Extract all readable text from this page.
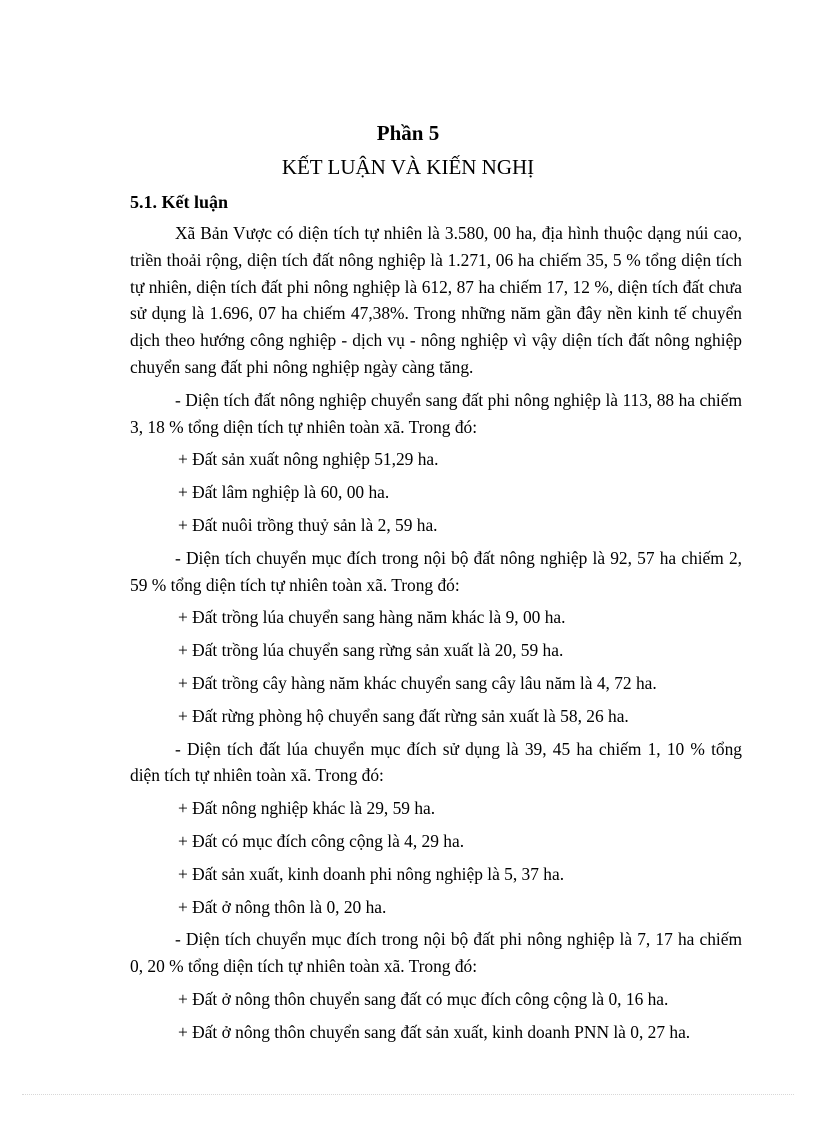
Phần 5
KẾT LUẬN VÀ KIẾN NGHỊ
5.1. Kết luận

Xã Bản Vược có diện tích tự nhiên là 3.580, 00 ha, địa hình thuộc dạng núi cao, triền thoải rộng, diện tích đất nông nghiệp là 1.271, 06 ha chiếm 35, 5 % tổng diện tích tự nhiên, diện tích đất phi nông nghiệp là 612, 87 ha chiếm 17, 12 %, diện tích đất chưa sử dụng là 1.696, 07 ha chiếm 47,38%. Trong những năm gần đây nền kinh tế chuyển dịch theo hướng công nghiệp - dịch vụ - nông nghiệp vì vậy diện tích đất nông nghiệp chuyển sang đất phi nông nghiệp ngày càng tăng.

- Diện tích đất nông nghiệp chuyển sang đất phi nông nghiệp là 113, 88 ha chiếm 3, 18 % tổng diện tích tự nhiên toàn xã. Trong đó:

+ Đất sản xuất nông nghiệp 51,29 ha.

+ Đất lâm nghiệp là 60, 00 ha.

+ Đất nuôi trồng thuỷ sản là 2, 59 ha.

- Diện tích chuyển mục đích trong nội bộ đất nông nghiệp là 92, 57 ha chiếm 2, 59 % tổng diện tích tự nhiên toàn xã. Trong đó:

+ Đất trồng lúa chuyển sang hàng năm khác là 9, 00 ha.

+ Đất trồng lúa chuyển sang rừng sản xuất là 20, 59 ha.

+ Đất trồng cây hàng năm khác chuyển sang cây lâu năm là 4, 72 ha.

+ Đất rừng phòng hộ chuyển sang đất rừng sản xuất là 58, 26 ha.

- Diện tích đất lúa chuyển mục đích sử dụng là 39, 45 ha chiếm 1, 10 % tổng diện tích tự nhiên toàn xã. Trong đó:

+ Đất nông nghiệp khác là 29, 59 ha.

+ Đất có mục đích công cộng là 4, 29 ha.

+ Đất sản xuất, kinh doanh phi nông nghiệp là 5, 37 ha.

+ Đất ở nông thôn là 0, 20 ha.

- Diện tích chuyển mục đích trong nội bộ đất phi nông nghiệp là 7, 17 ha chiếm 0, 20 % tổng diện tích tự nhiên toàn xã. Trong đó:

+ Đất ở nông thôn chuyển sang đất có mục đích công cộng là 0, 16 ha.

+ Đất ở nông thôn chuyển sang đất sản xuất, kinh doanh PNN là 0, 27 ha.
